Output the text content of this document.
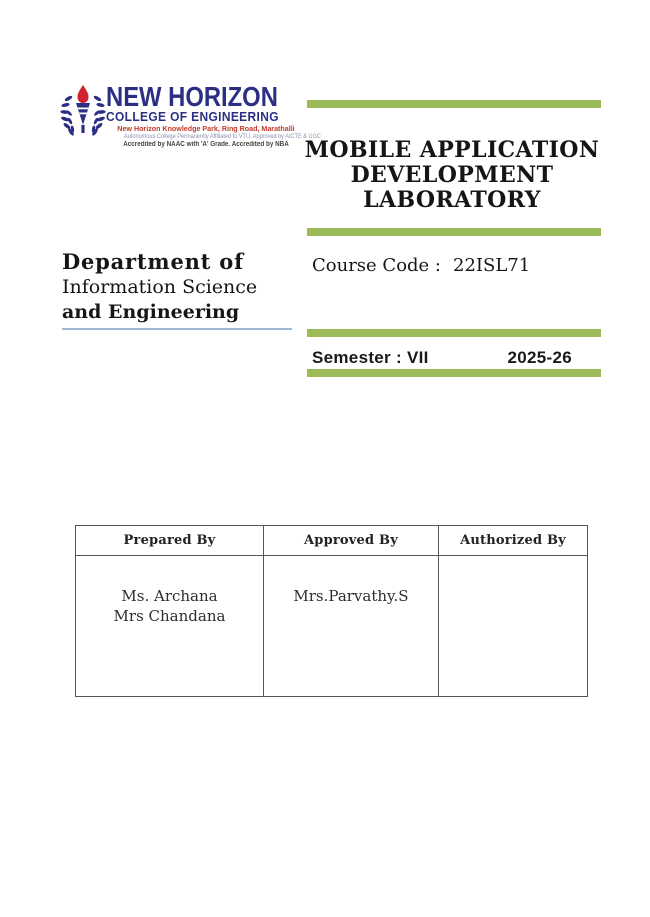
NEW HORIZON
COLLEGE OF ENGINEERING
New Horizon Knowledge Park, Ring Road, Marathalli
Autonomous College Permanently Affiliated to VTU, Approved by AICTE & UGC
Accredited by NAAC with 'A' Grade. Accredited by NBA MOBILE APPLICATION
DEVELOPMENT
LABORATORY
Department of
Information Science
and Engineering
Course Code : 22ISL71
Semester : VII	2025-26
Prepared By	Approved By	Authorized By

Ms. Archana
Mrs Chandana	Mrs.Parvathy.S	
